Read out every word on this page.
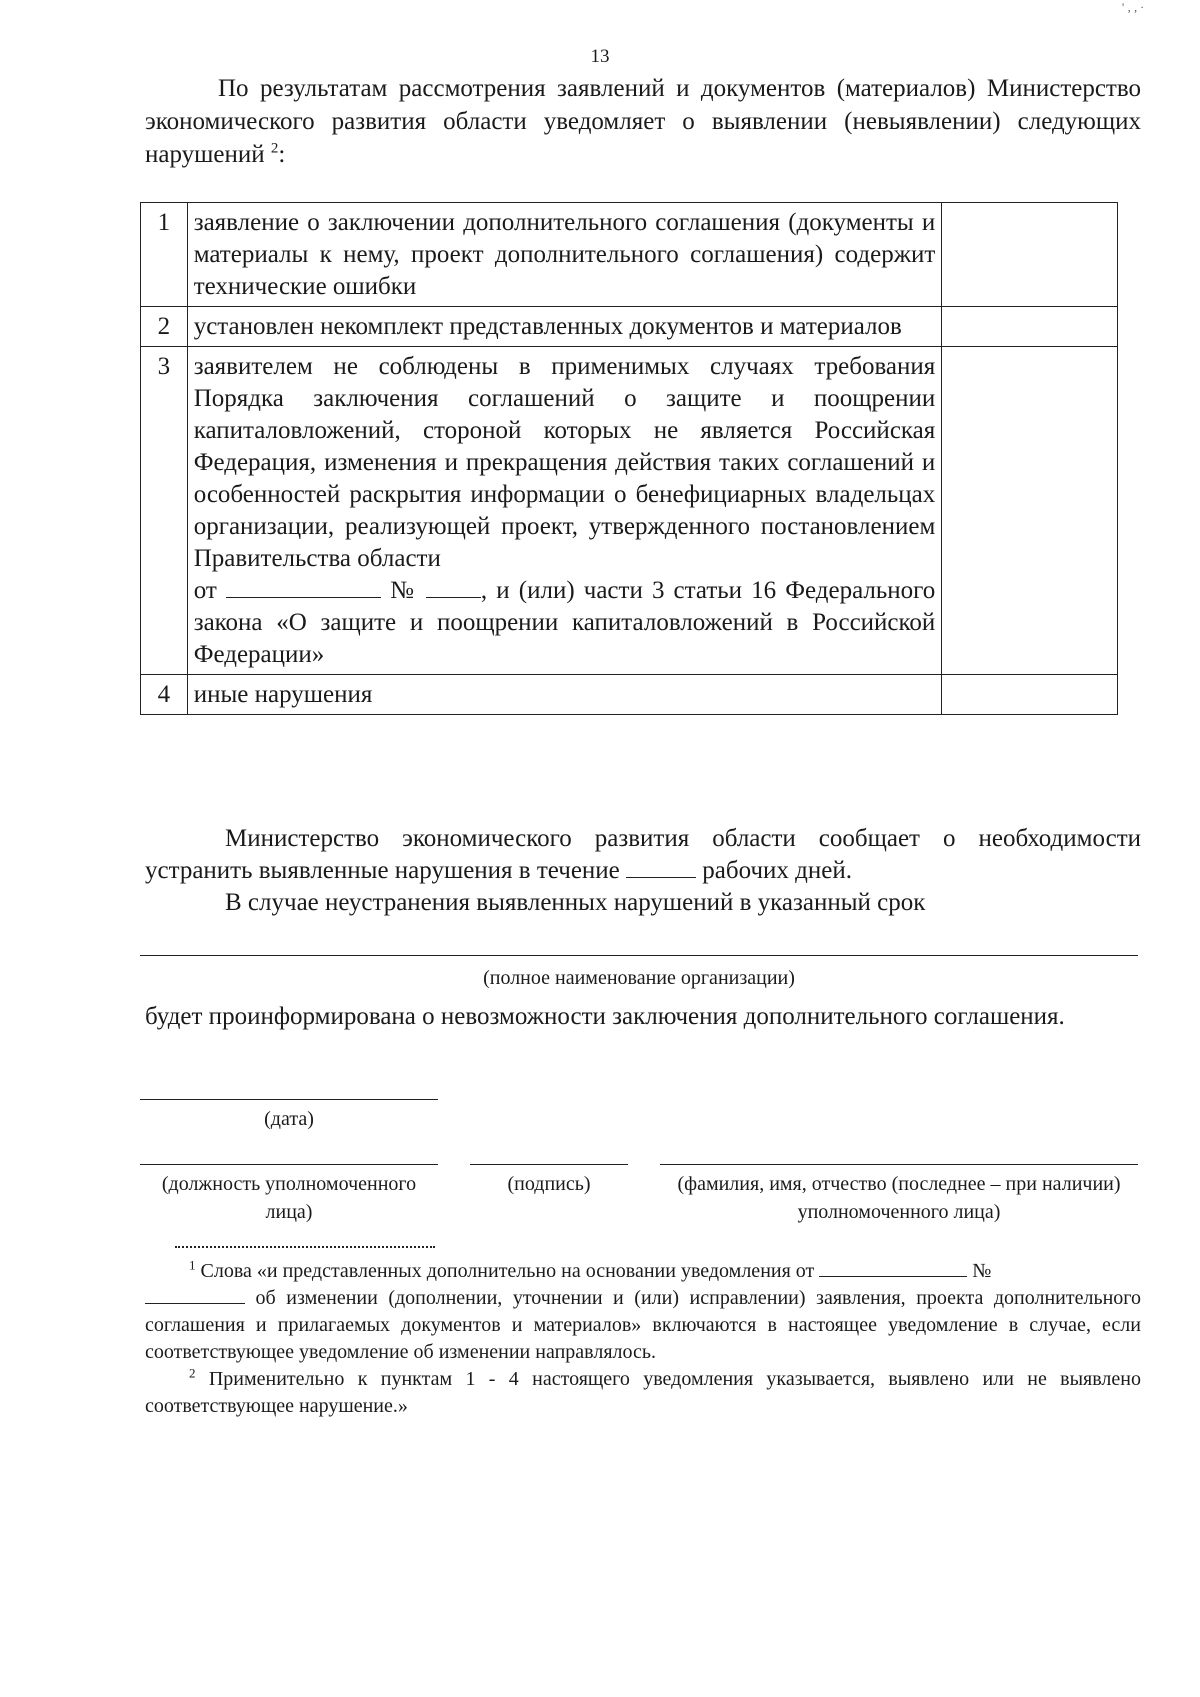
' ‚ , ·
13

По результатам рассмотрения заявлений и документов (материалов) Министерство экономического развития области уведомляет о выявлении (невыявлении) следующих нарушений $^2$:

1	заявление о заключении дополнительного соглашения (документы и материалы к нему, проект дополнительного соглашения) содержит технические ошибки	
2	установлен некомплект представленных документов и материалов	
3	заявителем не соблюдены в применимых случаях требования Порядка заключения соглашений о защите и поощрении капиталовложений, стороной которых не является Российская Федерация, изменения и прекращения действия таких соглашений и особенностей раскрытия информации о бенефициарных владельцах организации, реализующей проект, утвержденного постановлением Правительства области
от № , и (или) части 3 статьи 16 Федерального закона «О защите и поощрении капиталовложений в Российской Федерации»	
4	иные нарушения	

Министерство экономического развития области сообщает о необходимости устранить выявленные нарушения в течение	рабочих дней.
В случае неустранения выявленных нарушений в указанный срок

(полное наименование организации)

будет проинформирована о невозможности заключения дополнительного соглашения.

(дата)
(должность уполномоченного лица)
(подпись)	(фамилия, имя, отчество (последнее – при наличии) уполномоченного лица)

$^1$ Слова «и представленных дополнительно на основании уведомления от	№
об изменении (дополнении, уточнении и (или) исправлении) заявления, проекта дополнительного соглашения и прилагаемых документов и материалов» включаются в настоящее уведомление в случае, если соответствующее уведомление об изменении направлялось.

$^2$ Применительно к пунктам 1 - 4 настоящего уведомления указывается, выявлено или не выявлено соответствующее нарушение.»
